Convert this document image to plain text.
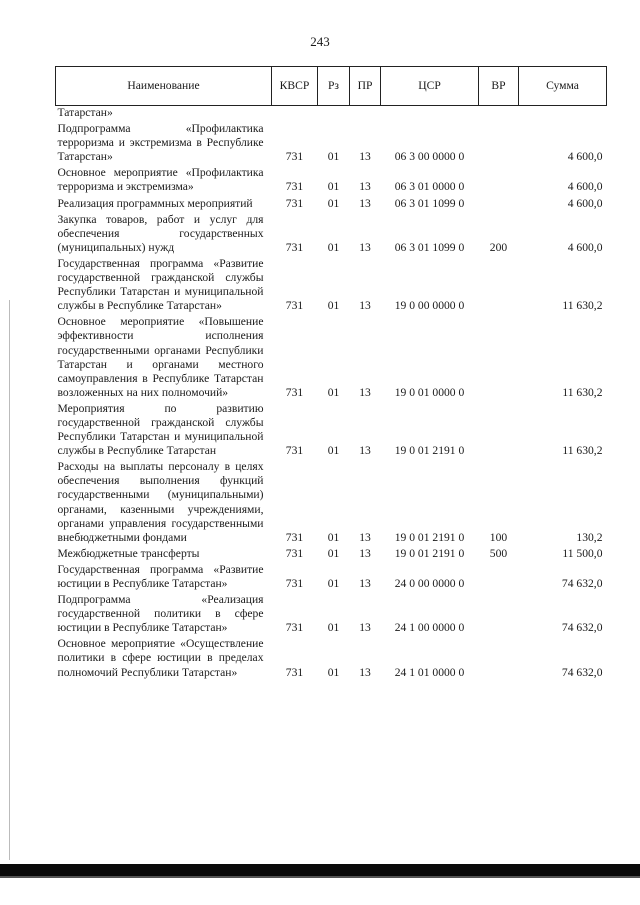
243
Наименование	КВСР	Рз	ПР	ЦСР	ВР	Сумма
Татарстан»						
Подпрограмма «Профилактика терроризма и экстремизма в Республике Татарстан»	731	01	13	06 3 00 0000 0		4 600,0
Основное мероприятие «Профилактика терроризма и экстремизма»	731	01	13	06 3 01 0000 0		4 600,0
Реализация программных мероприятий	731	01	13	06 3 01 1099 0		4 600,0
Закупка товаров, работ и услуг для обеспечения государственных (муниципальных) нужд	731	01	13	06 3 01 1099 0	200	4 600,0
Государственная программа «Развитие государственной гражданской службы Республики Татарстан и муниципальной службы в Республике Татарстан»	731	01	13	19 0 00 0000 0		11 630,2
Основное мероприятие «Повышение эффективности исполнения государственными органами Республики Татарстан и органами местного самоуправления в Республике Татарстан возложенных на них полномочий»	731	01	13	19 0 01 0000 0		11 630,2
Мероприятия по развитию государственной гражданской службы Республики Татарстан и муниципальной службы в Республике Татарстан	731	01	13	19 0 01 2191 0		11 630,2
Расходы на выплаты персоналу в целях обеспечения выполнения функций государственными (муниципальными) органами, казенными учреждениями, органами управления государственными внебюджетными фондами	731	01	13	19 0 01 2191 0	100	130,2
Межбюджетные трансферты	731	01	13	19 0 01 2191 0	500	11 500,0
Государственная программа «Развитие юстиции в Республике Татарстан»	731	01	13	24 0 00 0000 0		74 632,0
Подпрограмма «Реализация государственной политики в сфере юстиции в Республике Татарстан»	731	01	13	24 1 00 0000 0		74 632,0
Основное мероприятие «Осуществление политики в сфере юстиции в пределах полномочий Республики Татарстан»	731	01	13	24 1 01 0000 0		74 632,0
